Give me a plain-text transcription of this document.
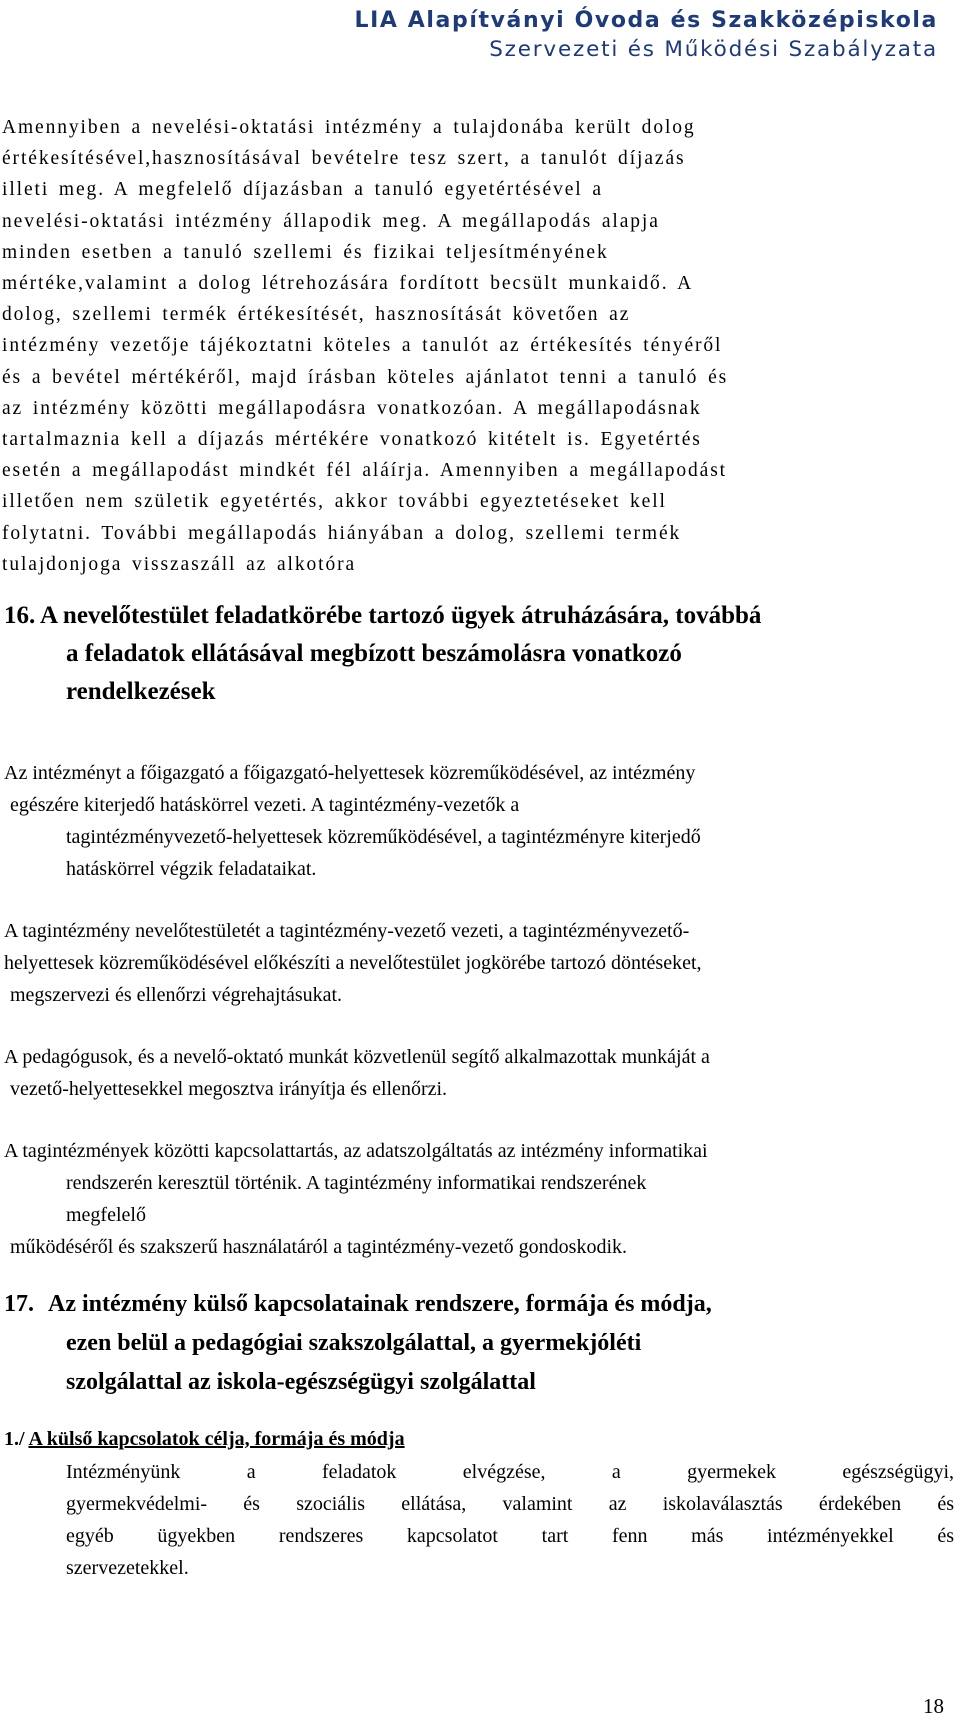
LIA Alapítványi Óvoda és Szakközépiskola
Szervezeti és Működési Szabályzata
Amennyiben a nevelési-oktatási intézmény a tulajdonába került dolog
értékesítésével,hasznosításával bevételre tesz szert, a tanulót díjazás
illeti meg. A megfelelő díjazásban a tanuló egyetértésével a
nevelési-oktatási intézmény állapodik meg. A megállapodás alapja
minden esetben a tanuló szellemi és fizikai teljesítményének
mértéke,valamint a dolog létrehozására fordított becsült munkaidő. A
dolog, szellemi termék értékesítését, hasznosítását követően az
intézmény vezetője tájékoztatni köteles a tanulót az értékesítés tényéről
és a bevétel mértékéről, majd írásban köteles ajánlatot tenni a tanuló és
az intézmény közötti megállapodásra vonatkozóan. A megállapodásnak
tartalmaznia kell a díjazás mértékére vonatkozó kitételt is. Egyetértés
esetén a megállapodást mindkét fél aláírja. Amennyiben a megállapodást
illetően nem születik egyetértés, akkor további egyeztetéseket kell
folytatni. További megállapodás hiányában a dolog, szellemi termék
tulajdonjoga visszaszáll az alkotóra
16. A nevelőtestület feladatkörébe tartozó ügyek átruházására, továbbá
a feladatok ellátásával megbízott beszámolásra vonatkozó
rendelkezések
Az intézményt a főigazgató a főigazgató-helyettesek közreműködésével, az intézmény
egészére kiterjedő hatáskörrel vezeti. A tagintézmény-vezetők a
tagintézményvezető-helyettesek közreműködésével, a tagintézményre kiterjedő
hatáskörrel végzik feladataikat.
A tagintézmény nevelőtestületét a tagintézmény-vezető vezeti, a tagintézményvezető-
helyettesek közreműködésével előkészíti a nevelőtestület jogkörébe tartozó döntéseket,
megszervezi és ellenőrzi végrehajtásukat.
A pedagógusok, és a nevelő-oktató munkát közvetlenül segítő alkalmazottak munkáját a
vezető-helyettesekkel megosztva irányítja és ellenőrzi.
A tagintézmények közötti kapcsolattartás, az adatszolgáltatás az intézmény informatikai
rendszerén keresztül történik. A tagintézmény informatikai rendszerének
megfelelő
működéséről és szakszerű használatáról a tagintézmény-vezető gondoskodik.
17. Az intézmény külső kapcsolatainak rendszere, formája és módja,
ezen belül a pedagógiai szakszolgálattal, a gyermekjóléti
szolgálattal az iskola-egészségügyi szolgálattal
1./ A külső kapcsolatok célja, formája és módja
Intézményünk a feladatok elvégzése, a gyermekek egészségügyi,
gyermekvédelmi- és szociális ellátása, valamint az iskolaválasztás érdekében és
egyéb ügyekben rendszeres kapcsolatot tart fenn más intézményekkel és
szervezetekkel.
18
